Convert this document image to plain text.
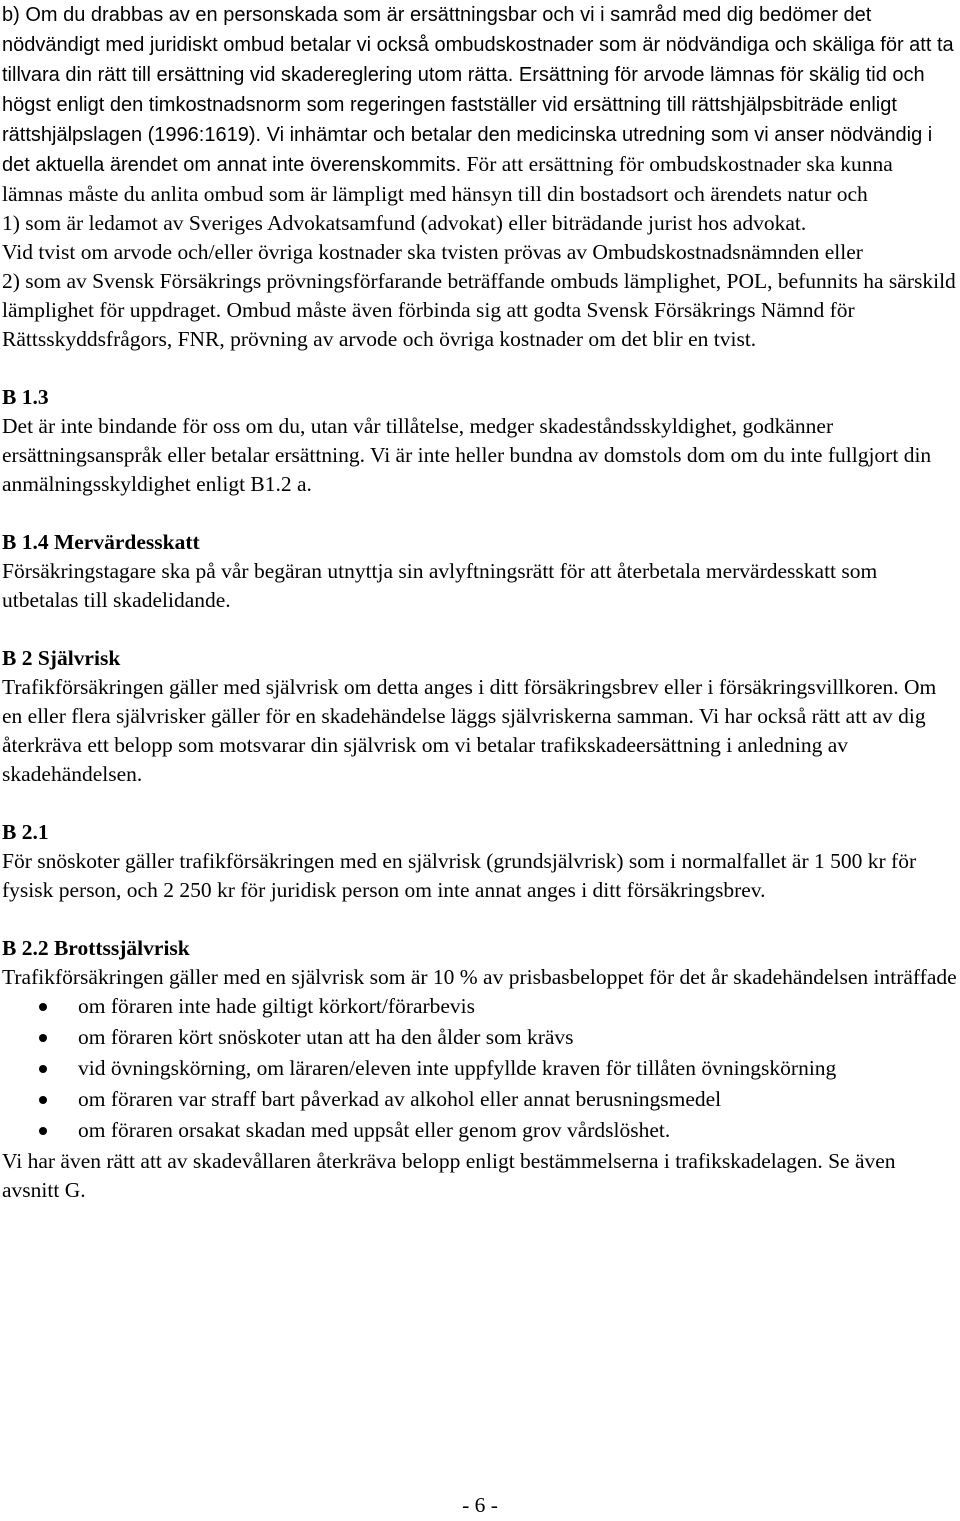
b) Om du drabbas av en personskada som är ersättningsbar och vi i samråd med dig bedömer det nödvändigt med juridiskt ombud betalar vi också ombudskostnader som är nödvändiga och skäliga för att ta tillvara din rätt till ersättning vid skadereglering utom rätta. Ersättning för arvode lämnas för skälig tid och högst enligt den timkostnadsnorm som regeringen fastställer vid ersättning till rättshjälpsbiträde enligt rättshjälpslagen (1996:1619). Vi inhämtar och betalar den medicinska utredning som vi anser nödvändig i det aktuella ärendet om annat inte överenskommits. För att ersättning för ombudskostnader ska kunna lämnas måste du anlita ombud som är lämpligt med hänsyn till din bostadsort och ärendets natur och

1) som är ledamot av Sveriges Advokatsamfund (advokat) eller biträdande jurist hos advokat.

Vid tvist om arvode och/eller övriga kostnader ska tvisten prövas av Ombudskostnadsnämnden eller

2) som av Svensk Försäkrings prövningsförfarande beträffande ombuds lämplighet, POL, befunnits ha särskild lämplighet för uppdraget. Ombud måste även förbinda sig att godta Svensk Försäkrings Nämnd för Rättsskyddsfrågors, FNR, prövning av arvode och övriga kostnader om det blir en tvist.

B 1.3

Det är inte bindande för oss om du, utan vår tillåtelse, medger skadeståndsskyldighet, godkänner ersättningsanspråk eller betalar ersättning. Vi är inte heller bundna av domstols dom om du inte fullgjort din anmälningsskyldighet enligt B1.2 a.

B 1.4 Mervärdesskatt

Försäkringstagare ska på vår begäran utnyttja sin avlyftningsrätt för att återbetala mervärdesskatt som utbetalas till skadelidande.

B 2 Självrisk

Trafikförsäkringen gäller med självrisk om detta anges i ditt försäkringsbrev eller i försäkringsvillkoren. Om en eller flera självrisker gäller för en skadehändelse läggs självriskerna samman. Vi har också rätt att av dig återkräva ett belopp som motsvarar din självrisk om vi betalar trafikskadeersättning i anledning av skadehändelsen.

B 2.1

För snöskoter gäller trafikförsäkringen med en självrisk (grundsjälvrisk) som i normalfallet är 1 500 kr för fysisk person, och 2 250 kr för juridisk person om inte annat anges i ditt försäkringsbrev.

B 2.2 Brottssjälvrisk

Trafikförsäkringen gäller med en självrisk som är 10 % av prisbasbeloppet för det år skadehändelsen inträffade

om föraren inte hade giltigt körkort/förarbevis
om föraren kört snöskoter utan att ha den ålder som krävs
vid övningskörning, om läraren/eleven inte uppfyllde kraven för tillåten övningskörning
om föraren var straff bart påverkad av alkohol eller annat berusningsmedel
om föraren orsakat skadan med uppsåt eller genom grov vårdslöshet.

Vi har även rätt att av skadevållaren återkräva belopp enligt bestämmelserna i trafikskadelagen. Se även avsnitt G.

- 6 -
